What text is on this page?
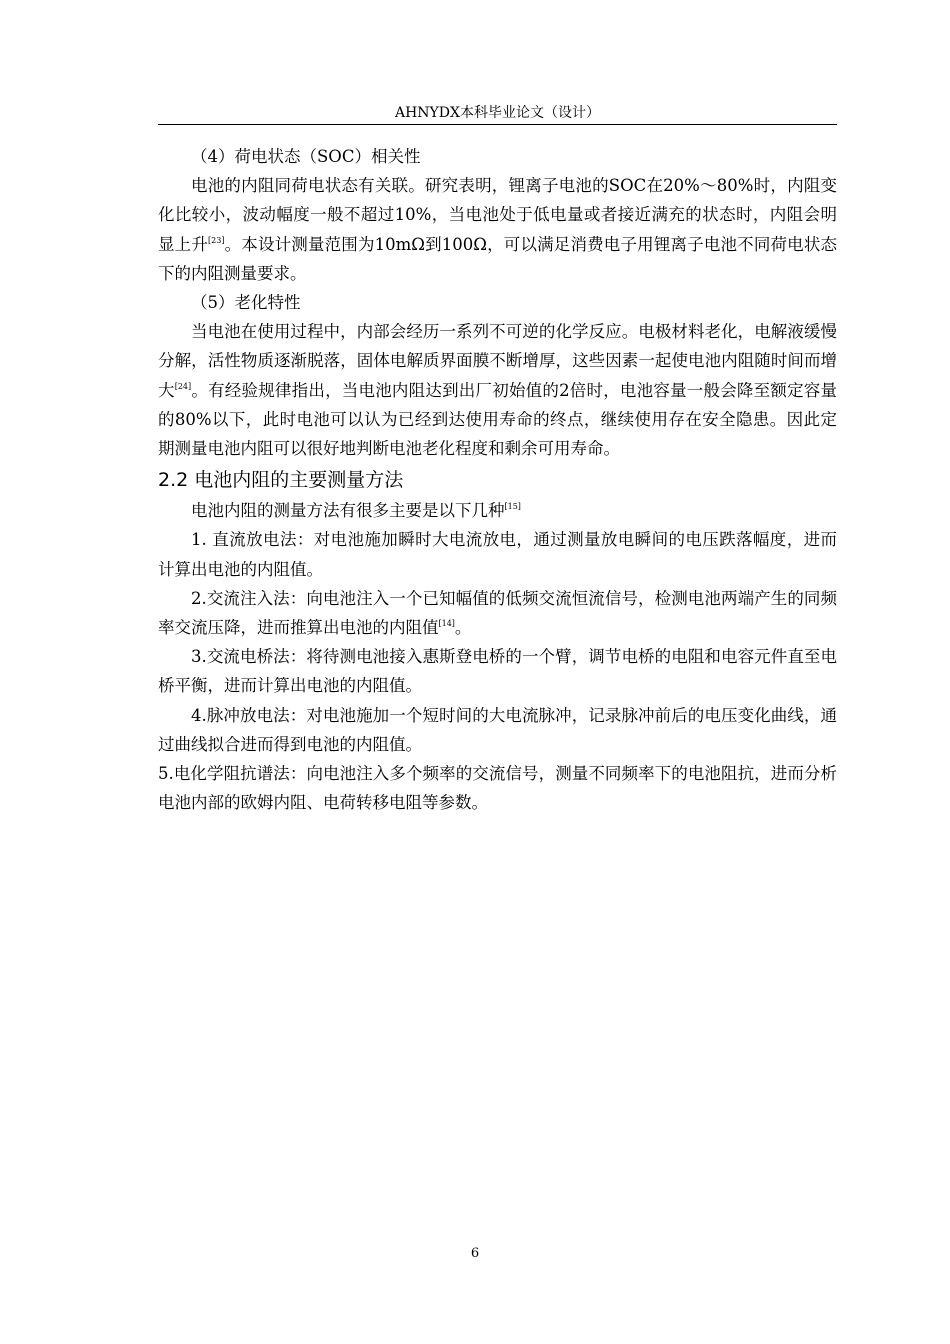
AHNYDX本科毕业论文（设计）

（4）荷电状态（SOC）相关性

电池的内阻同荷电状态有关联。研究表明，锂离子电池的SOC在20%～80%时，内阻变化比较小，波动幅度一般不超过10%，当电池处于低电量或者接近满充的状态时，内阻会明显上升[23]。本设计测量范围为10mΩ到100Ω，可以满足消费电子用锂离子电池不同荷电状态下的内阻测量要求。

（5）老化特性

当电池在使用过程中，内部会经历一系列不可逆的化学反应。电极材料老化，电解液缓慢分解，活性物质逐渐脱落，固体电解质界面膜不断增厚，这些因素一起使电池内阻随时间而增大[24]。有经验规律指出，当电池内阻达到出厂初始值的2倍时，电池容量一般会降至额定容量的80%以下，此时电池可以认为已经到达使用寿命的终点，继续使用存在安全隐患。因此定期测量电池内阻可以很好地判断电池老化程度和剩余可用寿命。

2.2 电池内阻的主要测量方法

电池内阻的测量方法有很多主要是以下几种[15]

1. 直流放电法：对电池施加瞬时大电流放电，通过测量放电瞬间的电压跌落幅度，进而计算出电池的内阻值。

2.交流注入法：向电池注入一个已知幅值的低频交流恒流信号，检测电池两端产生的同频率交流压降，进而推算出电池的内阻值[14]。

3.交流电桥法：将待测电池接入惠斯登电桥的一个臂，调节电桥的电阻和电容元件直至电桥平衡，进而计算出电池的内阻值。

4.脉冲放电法：对电池施加一个短时间的大电流脉冲，记录脉冲前后的电压变化曲线，通过曲线拟合进而得到电池的内阻值。

5.电化学阻抗谱法：向电池注入多个频率的交流信号，测量不同频率下的电池阻抗，进而分析电池内部的欧姆内阻、电荷转移电阻等参数。

6
